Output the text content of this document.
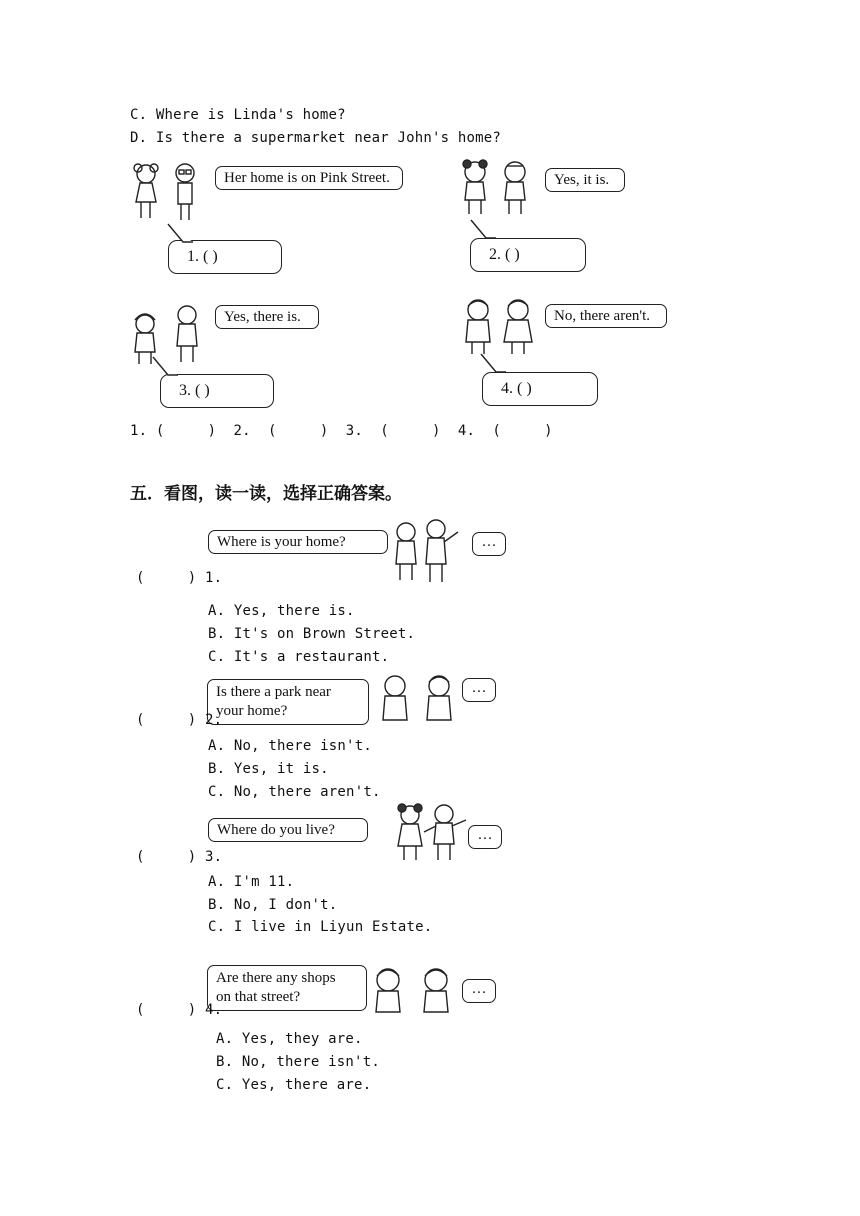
C. Where is Linda's home?
D. Is there a supermarket near John's home?
Her home is on Pink Street.
1. ( )
Yes, it is.
2. ( )
Yes, there is.
3. ( )
No, there aren't.
4. ( )
1. (     )  2.  (     )  3.  (     )  4.  (     )
五．看图，读一读，选择正确答案。
Where is your home?	…
(     ) 1.
A. Yes, there is.
B. It's on Brown Street.
C. It's a restaurant.
Is there a park near
your home?
…
(     ) 2.
A. No, there isn't.
B. Yes, it is.
C. No, there aren't.
Where do you live?	…
(     ) 3.
A. I'm 11.
B. No, I don't.
C. I live in Liyun Estate.
Are there any shops
on that street?	…
(     ) 4.
A. Yes, they are.
B. No, there isn't.
C. Yes, there are.
